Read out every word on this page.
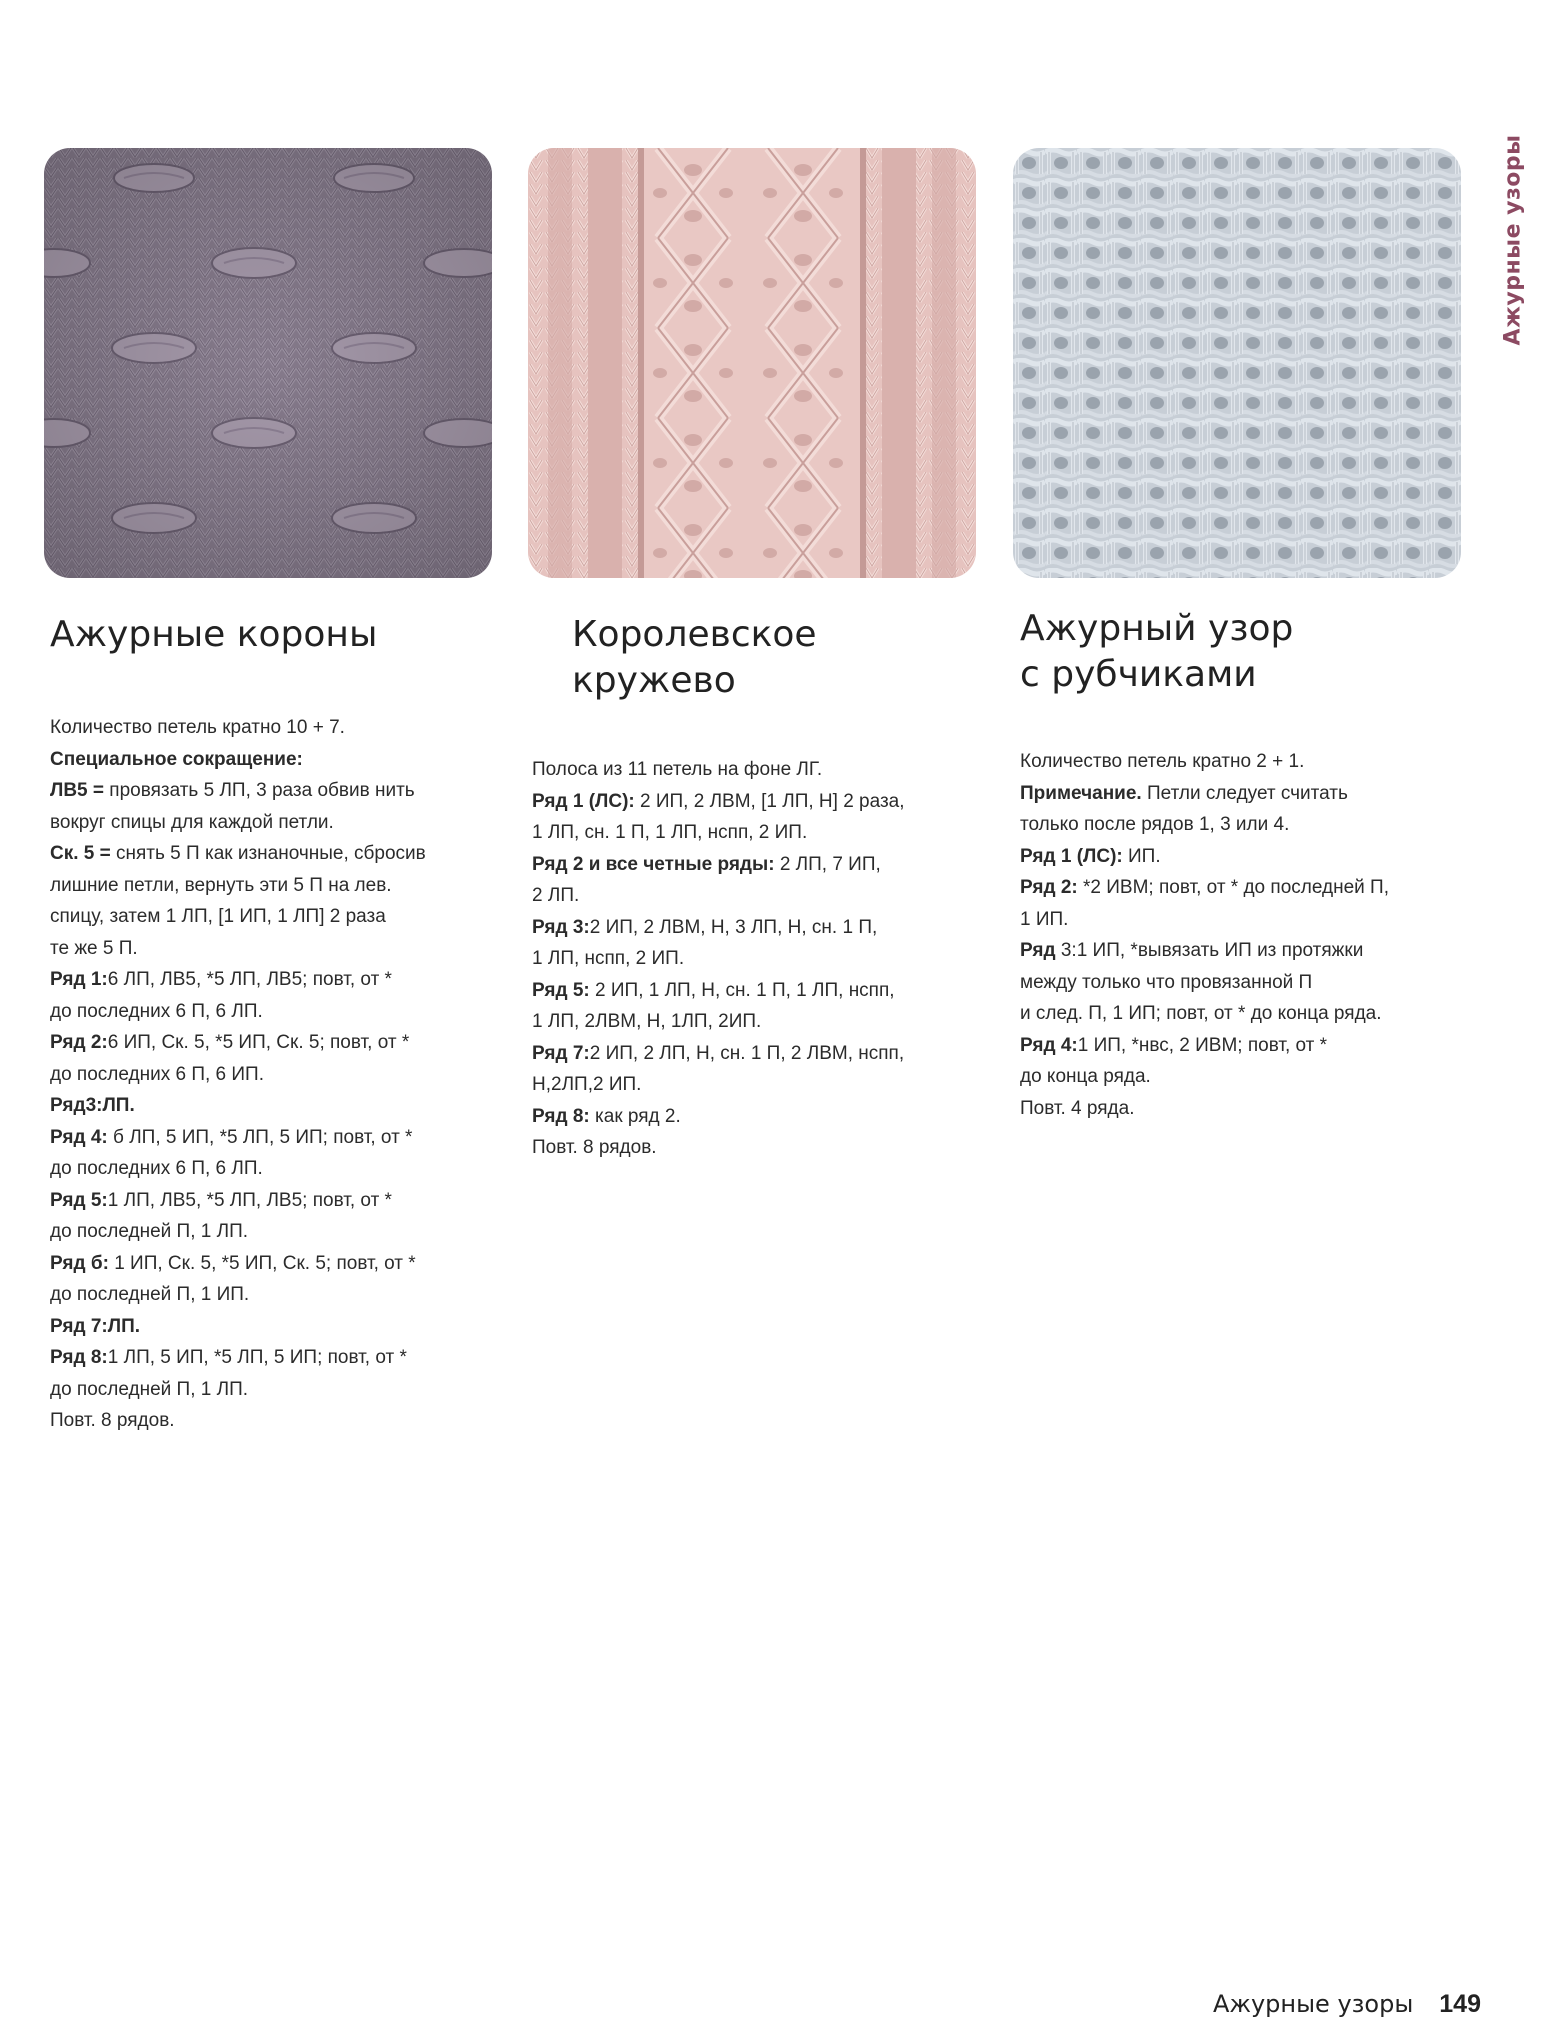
Ажурные узоры
Ажурные короны
Количество петель кратно 10 + 7.
Специальное сокращение:
ЛВ5 = провязать 5 ЛП, 3 раза обвив нить
вокруг спицы для каждой петли.
Ск. 5 = снять 5 П как изнаночные, сбросив
лишние петли, вернуть эти 5 П на лев.
спицу, затем 1 ЛП, [1 ИП, 1 ЛП] 2 раза
те же 5 П.
Ряд 1:6 ЛП, ЛВ5, *5 ЛП, ЛВ5; повт, от *
до последних 6 П, 6 ЛП.
Ряд 2:6 ИП, Ск. 5, *5 ИП, Ск. 5; повт, от *
до последних 6 П, 6 ИП.
Ряд3:ЛП.
Ряд 4: б ЛП, 5 ИП, *5 ЛП, 5 ИП; повт, от *
до последних 6 П, 6 ЛП.
Ряд 5:1 ЛП, ЛВ5, *5 ЛП, ЛВ5; повт, от *
до последней П, 1 ЛП.
Ряд б: 1 ИП, Ск. 5, *5 ИП, Ск. 5; повт, от *
до последней П, 1 ИП.
Ряд 7:ЛП.
Ряд 8:1 ЛП, 5 ИП, *5 ЛП, 5 ИП; повт, от *
до последней П, 1 ЛП.
Повт. 8 рядов.
Королевское кружево
Полоса из 11 петель на фоне ЛГ.
Ряд 1 (ЛС): 2 ИП, 2 ЛВМ, [1 ЛП, Н] 2 раза,
1 ЛП, сн. 1 П, 1 ЛП, нспп, 2 ИП.
Ряд 2 и все четные ряды: 2 ЛП, 7 ИП,
2 ЛП.
Ряд 3:2 ИП, 2 ЛВМ, Н, 3 ЛП, Н, сн. 1 П,
1 ЛП, нспп, 2 ИП.
Ряд 5: 2 ИП, 1 ЛП, Н, сн. 1 П, 1 ЛП, нспп,
1 ЛП, 2ЛВМ, Н, 1ЛП, 2ИП.
Ряд 7:2 ИП, 2 ЛП, Н, сн. 1 П, 2 ЛВМ, нспп,
Н,2ЛП,2 ИП.
Ряд 8: как ряд 2.
Повт. 8 рядов.
Ажурный узор
с рубчиками
Количество петель кратно 2 + 1.
Примечание. Петли следует считать
только после рядов 1, 3 или 4.
Ряд 1 (ЛС): ИП.
Ряд 2: *2 ИВМ; повт, от * до последней П,
1 ИП.
Ряд 3:1 ИП, *вывязать ИП из протяжки
между только что провязанной П
и след. П, 1 ИП; повт, от * до конца ряда.
Ряд 4:1 ИП, *нвс, 2 ИВМ; повт, от *
до конца ряда.
Повт. 4 ряда.
Ажурные узоры 149
